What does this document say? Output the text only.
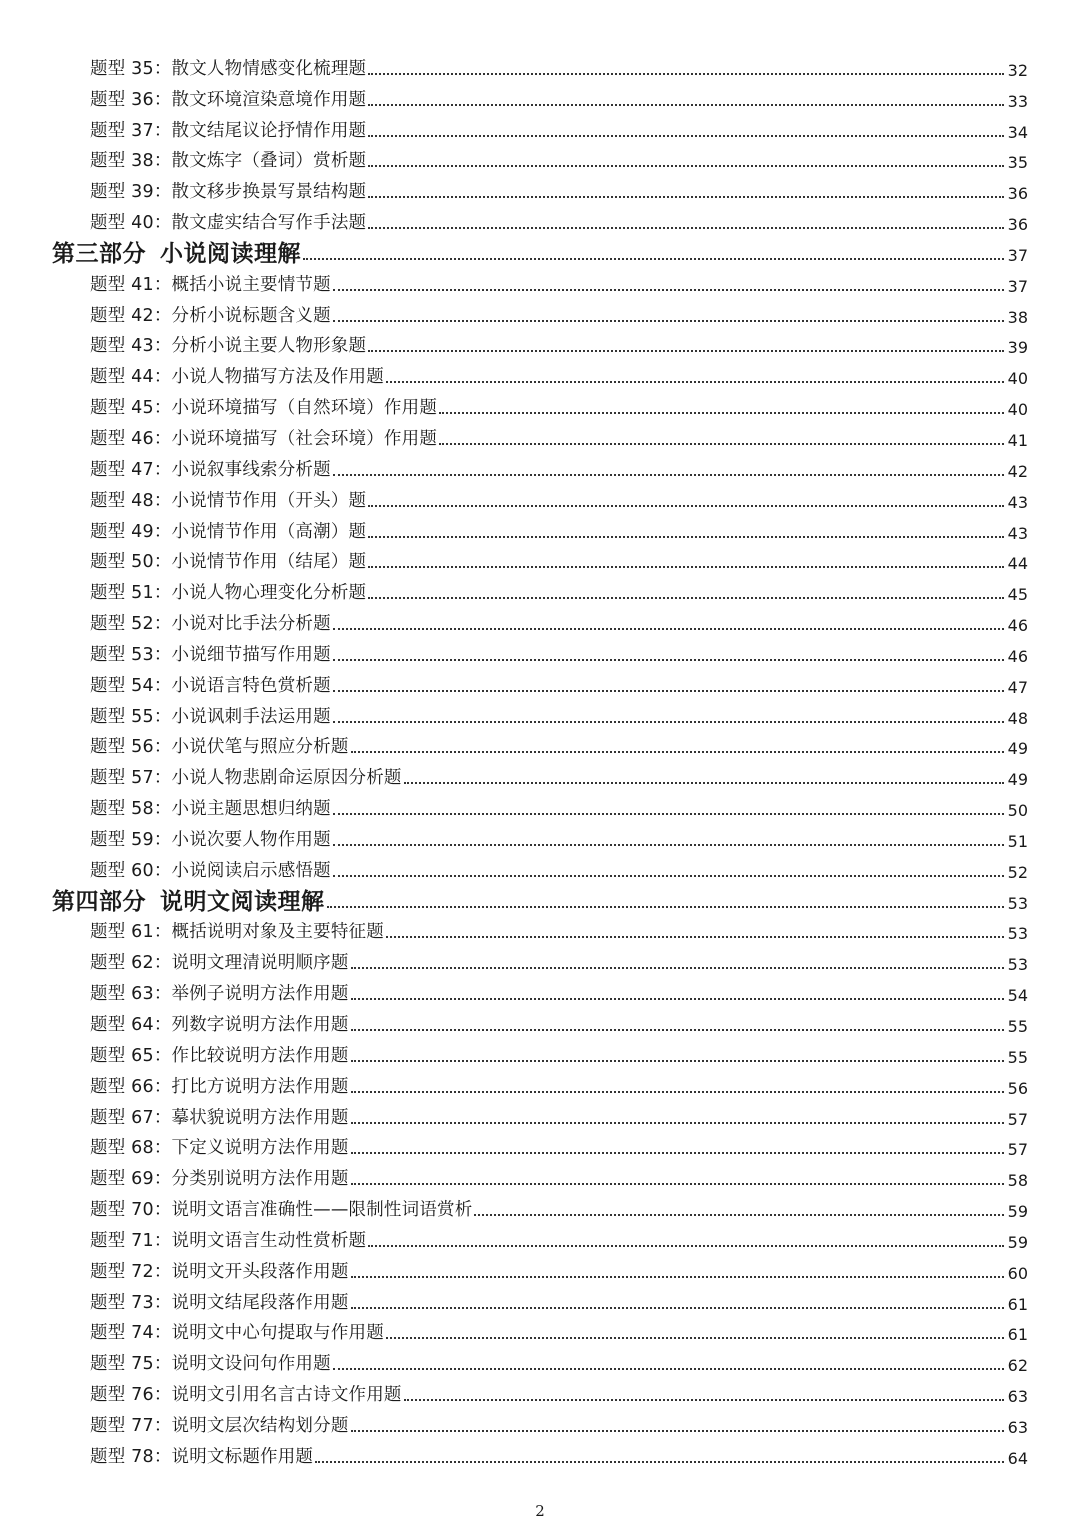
题型 35：散文人物情感变化梳理题	32
题型 36：散文环境渲染意境作用题	33
题型 37：散文结尾议论抒情作用题	34
题型 38：散文炼字（叠词）赏析题	35
题型 39：散文移步换景写景结构题	36
题型 40：散文虚实结合写作手法题	36
第三部分 小说阅读理解	37
题型 41：概括小说主要情节题	37
题型 42：分析小说标题含义题	38
题型 43：分析小说主要人物形象题	39
题型 44：小说人物描写方法及作用题	40
题型 45：小说环境描写（自然环境）作用题	40
题型 46：小说环境描写（社会环境）作用题	41
题型 47：小说叙事线索分析题	42
题型 48：小说情节作用（开头）题	43
题型 49：小说情节作用（高潮）题	43
题型 50：小说情节作用（结尾）题	44
题型 51：小说人物心理变化分析题	45
题型 52：小说对比手法分析题	46
题型 53：小说细节描写作用题	46
题型 54：小说语言特色赏析题	47
题型 55：小说讽刺手法运用题	48
题型 56：小说伏笔与照应分析题	49
题型 57：小说人物悲剧命运原因分析题	49
题型 58：小说主题思想归纳题	50
题型 59：小说次要人物作用题	51
题型 60：小说阅读启示感悟题	52
第四部分 说明文阅读理解	53
题型 61：概括说明对象及主要特征题	53
题型 62：说明文理清说明顺序题	53
题型 63：举例子说明方法作用题	54
题型 64：列数字说明方法作用题	55
题型 65：作比较说明方法作用题	55
题型 66：打比方说明方法作用题	56
题型 67：摹状貌说明方法作用题	57
题型 68：下定义说明方法作用题	57
题型 69：分类别说明方法作用题	58
题型 70：说明文语言准确性——限制性词语赏析	59
题型 71：说明文语言生动性赏析题	59
题型 72：说明文开头段落作用题	60
题型 73：说明文结尾段落作用题	61
题型 74：说明文中心句提取与作用题	61
题型 75：说明文设问句作用题	62
题型 76：说明文引用名言古诗文作用题	63
题型 77：说明文层次结构划分题	63
题型 78：说明文标题作用题	64
2
